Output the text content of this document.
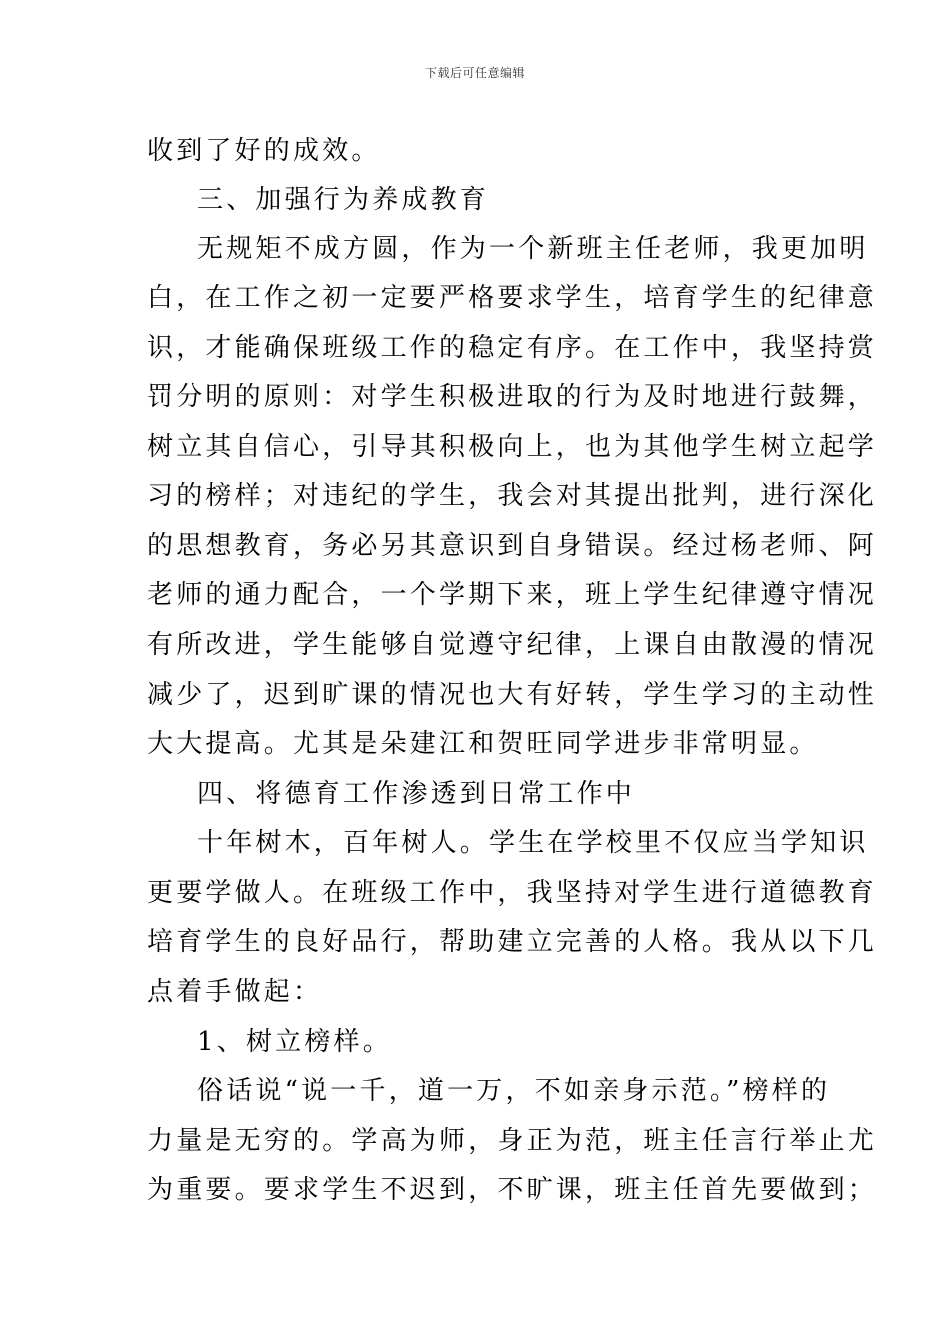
下载后可任意编辑
收到了好的成效。
三、加强行为养成教育
无规矩不成方圆，作为一个新班主任老师，我更加明
白，在工作之初一定要严格要求学生，培育学生的纪律意
识，才能确保班级工作的稳定有序。在工作中，我坚持赏
罚分明的原则：对学生积极进取的行为及时地进行鼓舞，
树立其自信心，引导其积极向上，也为其他学生树立起学
习的榜样；对违纪的学生，我会对其提出批判，进行深化
的思想教育，务必另其意识到自身错误。经过杨老师、阿
老师的通力配合，一个学期下来，班上学生纪律遵守情况
有所改进，学生能够自觉遵守纪律，上课自由散漫的情况
减少了，迟到旷课的情况也大有好转，学生学习的主动性
大大提高。尤其是朵建江和贺旺同学进步非常明显。
四、将德育工作渗透到日常工作中
十年树木，百年树人。学生在学校里不仅应当学知识
更要学做人。在班级工作中，我坚持对学生进行道德教育
培育学生的良好品行，帮助建立完善的人格。我从以下几
点着手做起：
1、树立榜样。
俗话说“说一千，道一万，不如亲身示范。”榜样的
力量是无穷的。学高为师，身正为范，班主任言行举止尤
为重要。要求学生不迟到，不旷课，班主任首先要做到；
